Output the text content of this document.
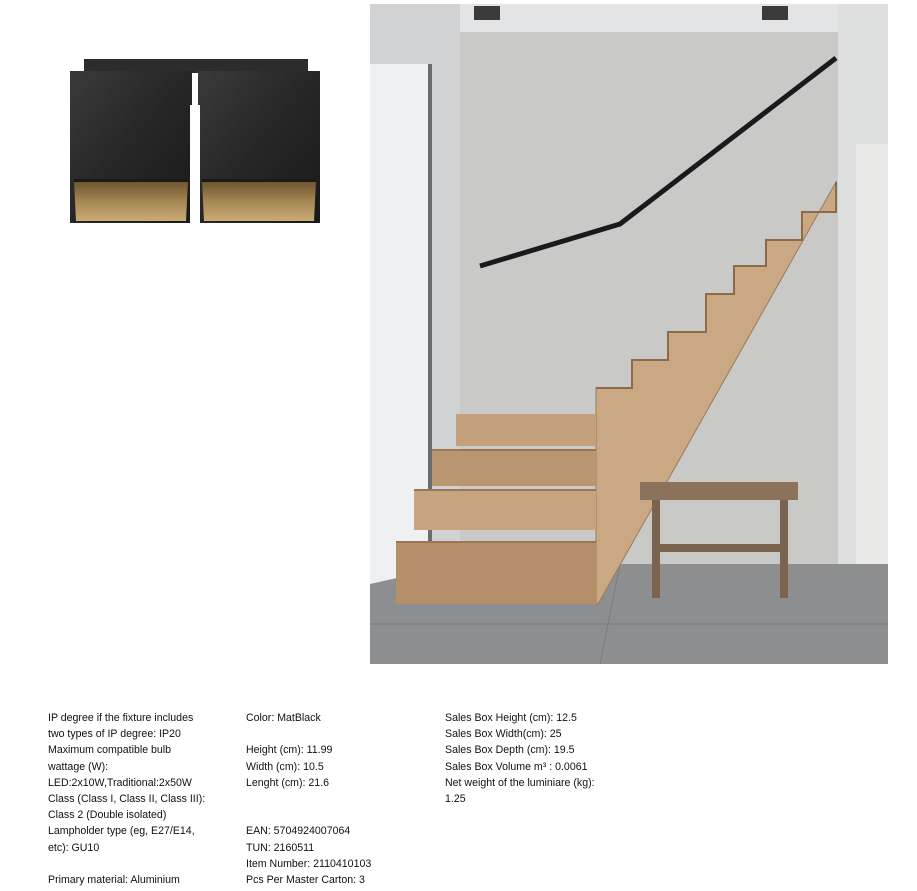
IP degree if the fixture includes

two types of IP degree: IP20

Maximum compatible bulb

wattage (W):

LED:2x10W,Traditional:2x50W

Class (Class I, Class II, Class III):

Class 2 (Double isolated)

Lampholder type (eg, E27/E14,

etc): GU10

Primary material: Aluminium

Color: MatBlack

Height (cm): 11.99

Width (cm): 10.5

Lenght (cm): 21.6

EAN: 5704924007064

TUN: 2160511

Item Number: 2110410103

Pcs Per Master Carton: 3

Sales Box Height (cm): 12.5

Sales Box Width(cm): 25

Sales Box Depth (cm): 19.5

Sales Box Volume m³ : 0.0061

Net weight of the luminiare (kg):

1.25
